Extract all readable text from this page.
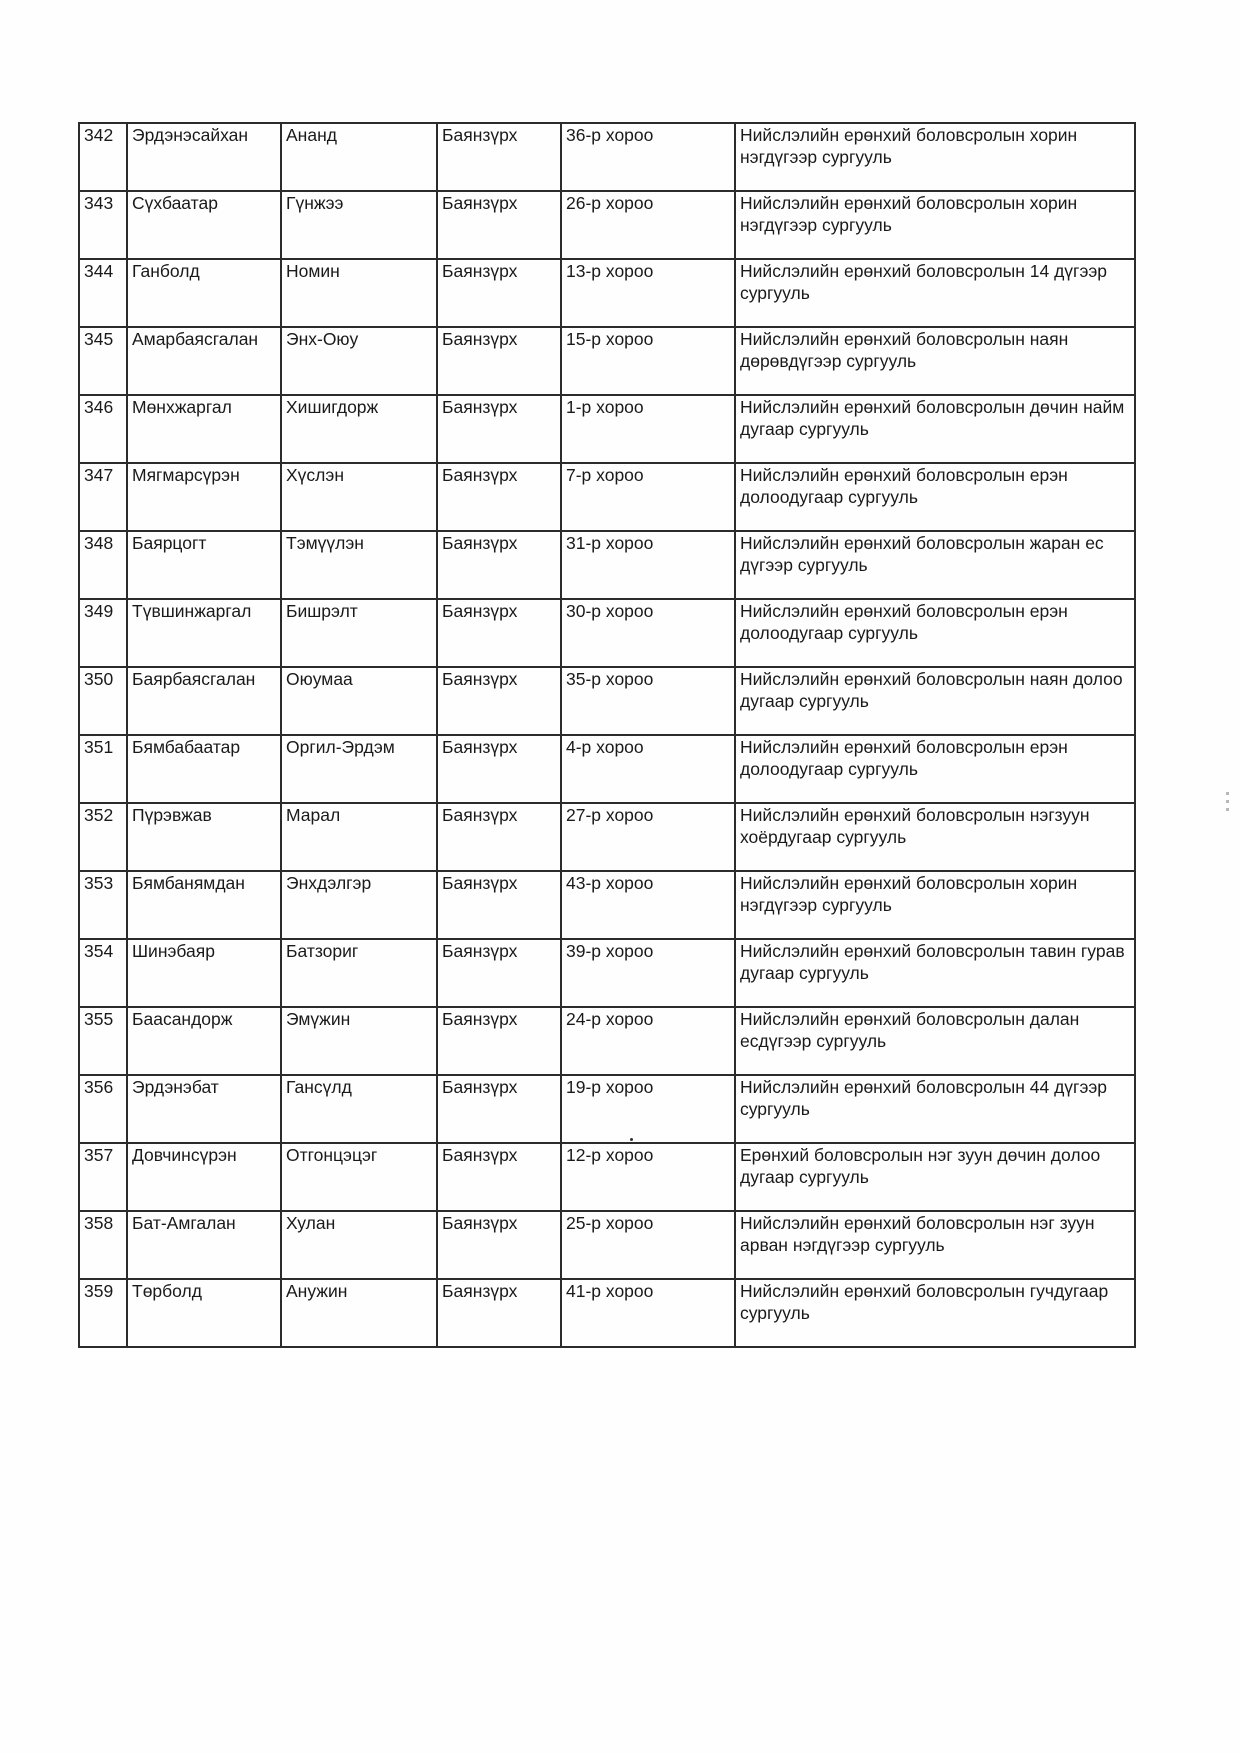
342	Эрдэнэсайхан	Ананд	Баянзүрх	36-р хороо	Нийслэлийн ерөнхий боловсролын хорин нэгдүгээр сургууль

343	Сүхбаатар	Гүнжээ	Баянзүрх	26-р хороо	Нийслэлийн ерөнхий боловсролын хорин нэгдүгээр сургууль

344	Ганболд	Номин	Баянзүрх	13-р хороо	Нийслэлийн ерөнхий боловсролын 14 дүгээр сургууль

345	Амарбаясгалан	Энх-Оюу	Баянзүрх	15-р хороо	Нийслэлийн ерөнхий боловсролын наян дөрөвдүгээр сургууль

346	Мөнхжаргал	Хишигдорж	Баянзүрх	1-р хороо	Нийслэлийн ерөнхий боловсролын дөчин найм дугаар сургууль

347	Мягмарсүрэн	Хүслэн	Баянзүрх	7-р хороо	Нийслэлийн ерөнхий боловсролын ерэн долоодугаар сургууль

348	Баярцогт	Тэмүүлэн	Баянзүрх	31-р хороо	Нийслэлийн ерөнхий боловсролын жаран ес дүгээр сургууль

349	Түвшинжаргал	Бишрэлт	Баянзүрх	30-р хороо	Нийслэлийн ерөнхий боловсролын ерэн долоодугаар сургууль

350	Баярбаясгалан	Оюумаа	Баянзүрх	35-р хороо	Нийслэлийн ерөнхий боловсролын наян долоо дугаар сургууль

351	Бямбабаатар	Оргил-Эрдэм	Баянзүрх	4-р хороо	Нийслэлийн ерөнхий боловсролын ерэн долоодугаар сургууль

352	Пүрэвжав	Марал	Баянзүрх	27-р хороо	Нийслэлийн ерөнхий боловсролын нэгзуун хоёрдугаар сургууль

353	Бямбанямдан	Энхдэлгэр	Баянзүрх	43-р хороо	Нийслэлийн ерөнхий боловсролын хорин нэгдүгээр сургууль

354	Шинэбаяр	Батзориг	Баянзүрх	39-р хороо	Нийслэлийн ерөнхий боловсролын тавин гурав дугаар сургууль

355	Баасандорж	Эмүжин	Баянзүрх	24-р хороо	Нийслэлийн ерөнхий боловсролын далан есдүгээр сургууль

356	Эрдэнэбат	Гансүлд	Баянзүрх	19-р хороо	Нийслэлийн ерөнхий боловсролын 44 дүгээр сургууль

357	Довчинсүрэн	Отгонцэцэг	Баянзүрх	12-р хороо	Ерөнхий боловсролын нэг зуун дөчин долоо дугаар сургууль

358	Бат-Амгалан	Хулан	Баянзүрх	25-р хороо	Нийслэлийн ерөнхий боловсролын нэг зуун арван нэгдүгээр сургууль

359	Төрболд	Анужин	Баянзүрх	41-р хороо	Нийслэлийн ерөнхий боловсролын гучдугаар сургууль
